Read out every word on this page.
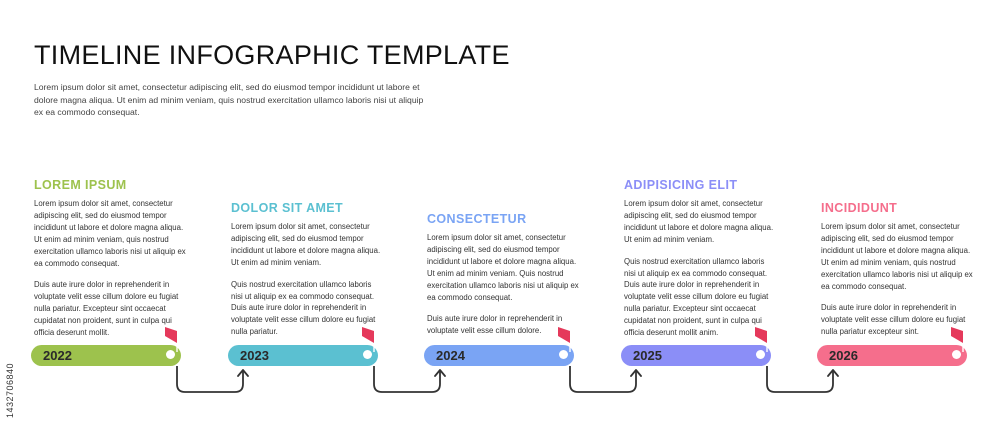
TIMELINE INFOGRAPHIC TEMPLATE

Lorem ipsum dolor sit amet, consectetur adipiscing elit, sed do eiusmod tempor incididunt ut labore et dolore magna aliqua. Ut enim ad minim veniam, quis nostrud exercitation ullamco laboris nisi ut aliquip ex ea commodo consequat.

1432706840
LOREM IPSUM

Lorem ipsum dolor sit amet, consectetur adipiscing elit, sed do eiusmod tempor incididunt ut labore et dolore magna aliqua. Ut enim ad minim veniam, quis nostrud exercitation ullamco laboris nisi ut aliquip ex ea commodo consequat.

Duis aute irure dolor in reprehenderit in voluptate velit esse cillum dolore eu fugiat nulla pariatur. Excepteur sint occaecat cupidatat non proident, sunt in culpa qui officia deserunt mollit.

2022
DOLOR SIT AMET

Lorem ipsum dolor sit amet, consectetur adipiscing elit, sed do eiusmod tempor incididunt ut labore et dolore magna aliqua. Ut enim ad minim veniam.

Quis nostrud exercitation ullamco laboris nisi ut aliquip ex ea commodo consequat. Duis aute irure dolor in reprehenderit in voluptate velit esse cillum dolore eu fugiat nulla pariatur.

2023
CONSECTETUR

Lorem ipsum dolor sit amet, consectetur adipiscing elit, sed do eiusmod tempor incididunt ut labore et dolore magna aliqua. Ut enim ad minim veniam. Quis nostrud exercitation ullamco laboris nisi ut aliquip ex ea commodo consequat.

Duis aute irure dolor in reprehenderit in voluptate velit esse cillum dolore.

2024
ADIPISICING ELIT

Lorem ipsum dolor sit amet, consectetur adipiscing elit, sed do eiusmod tempor incididunt ut labore et dolore magna aliqua. Ut enim ad minim veniam.

Quis nostrud exercitation ullamco laboris nisi ut aliquip ex ea commodo consequat. Duis aute irure dolor in reprehenderit in voluptate velit esse cillum dolore eu fugiat nulla pariatur. Excepteur sint occaecat cupidatat non proident, sunt in culpa qui officia deserunt mollit anim.

2025
INCIDIDUNT

Lorem ipsum dolor sit amet, consectetur adipiscing elit, sed do eiusmod tempor incididunt ut labore et dolore magna aliqua. Ut enim ad minim veniam, quis nostrud exercitation ullamco laboris nisi ut aliquip ex ea commodo consequat.

Duis aute irure dolor in reprehenderit in voluptate velit esse cillum dolore eu fugiat nulla pariatur excepteur sint.

2026
